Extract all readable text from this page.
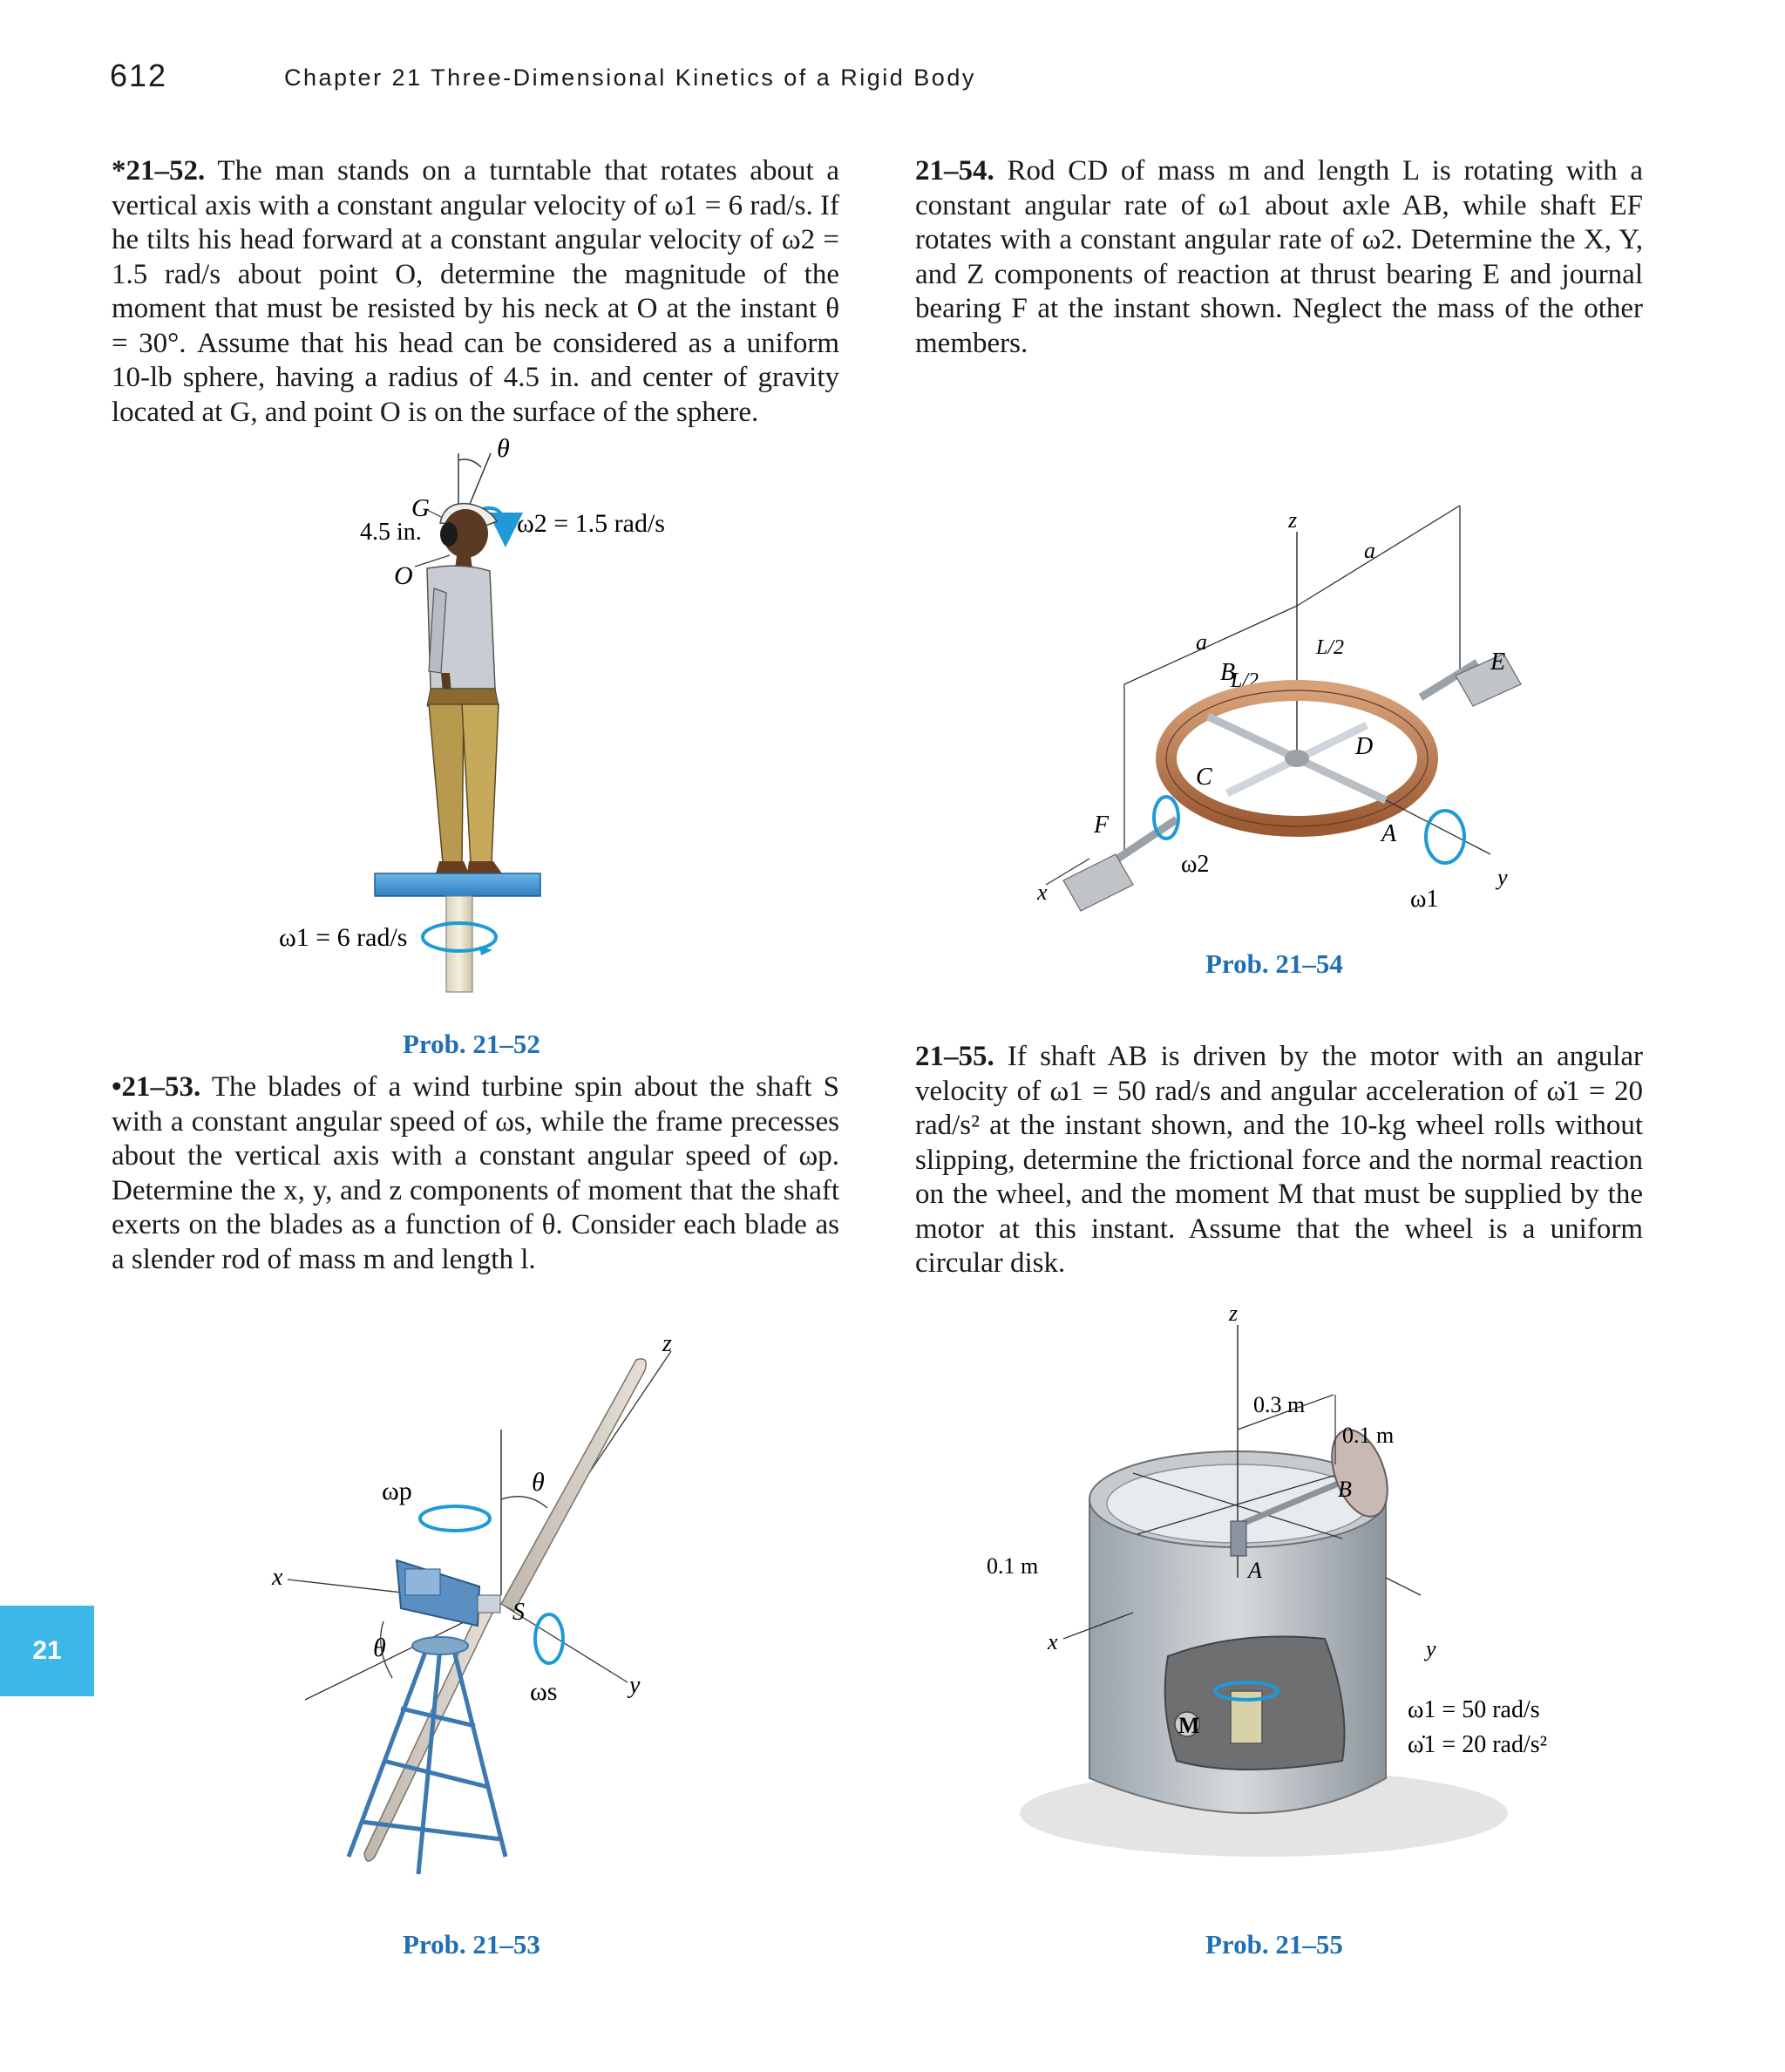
612	Chapter 21 Three-Dimensional Kinetics of a Rigid Body
21
*21–52. The man stands on a turntable that rotates about a vertical axis with a constant angular velocity of ω1 = 6 rad/s. If he tilts his head forward at a constant angular velocity of ω2 = 1.5 rad/s about point O, determine the magnitude of the moment that must be resisted by his neck at O at the instant θ = 30°. Assume that his head can be considered as a uniform 10-lb sphere, having a radius of 4.5 in. and center of gravity located at G, and point O is on the surface of the sphere.
21–54. Rod CD of mass m and length L is rotating with a constant angular rate of ω1 about axle AB, while shaft EF rotates with a constant angular rate of ω2. Determine the X, Y, and Z components of reaction at thrust bearing E and journal bearing F at the instant shown. Neglect the mass of the other members.
•21–53. The blades of a wind turbine spin about the shaft S with a constant angular speed of ωs, while the frame precesses about the vertical axis with a constant angular speed of ωp. Determine the x, y, and z components of moment that the shaft exerts on the blades as a function of θ. Consider each blade as a slender rod of mass m and length l.
21–55. If shaft AB is driven by the motor with an angular velocity of ω1 = 50 rad/s and angular acceleration of ω̇1 = 20 rad/s² at the instant shown, and the 10-kg wheel rolls without slipping, determine the frictional force and the normal reaction on the wheel, and the moment M that must be supplied by the motor at this instant. Assume that the wheel is a uniform circular disk.
Prob. 21–52
Prob. 21–54
Prob. 21–53	Prob. 21–55
θ
ω2 = 1.5 rad/s
G
4.5 in.
O
ω1 = 6 rad/s
z
a
a	L/2
L/2
B
C
D
E
F	A
x
y
ω2
ω1
z
θ
x
y
θ
S
ωp
ωs
M
z
B
A
0.3 m
0.1 m
0.1 m
x	y
ω1 = 50 rad/s
ω̇1 = 20 rad/s²
